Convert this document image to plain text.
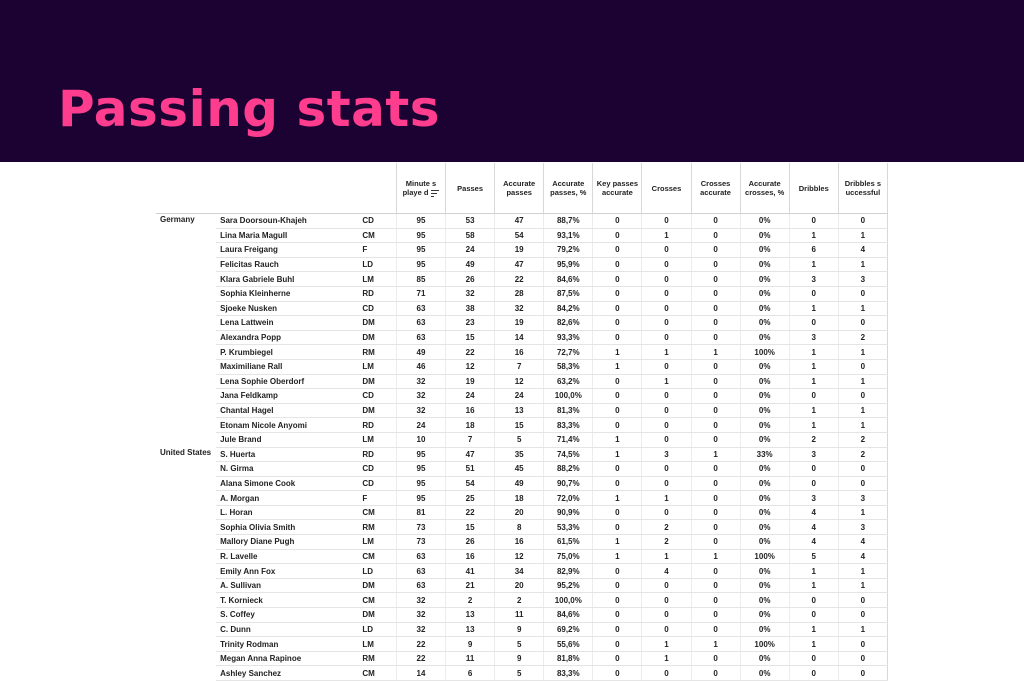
Passing stats
			Minute s playe d	Passes	Accurate passes	Accurate passes, %	Key passes accurate	Crosses	Crosses accurate	Accurate crosses, %	Dribbles	Dribbles s uccessful
Germany	Sara Doorsoun-Khajeh	CD	95	53	47	88,7%	0	0	0	0%	0	0
	Lina Maria Magull	CM	95	58	54	93,1%	0	1	0	0%	1	1
	Laura Freigang	F	95	24	19	79,2%	0	0	0	0%	6	4
	Felicitas Rauch	LD	95	49	47	95,9%	0	0	0	0%	1	1
	Klara Gabriele Buhl	LM	85	26	22	84,6%	0	0	0	0%	3	3
	Sophia Kleinherne	RD	71	32	28	87,5%	0	0	0	0%	0	0
	Sjoeke Nusken	CD	63	38	32	84,2%	0	0	0	0%	1	1
	Lena Lattwein	DM	63	23	19	82,6%	0	0	0	0%	0	0
	Alexandra Popp	DM	63	15	14	93,3%	0	0	0	0%	3	2
	P. Krumbiegel	RM	49	22	16	72,7%	1	1	1	100%	1	1
	Maximiliane Rall	LM	46	12	7	58,3%	1	0	0	0%	1	0
	Lena Sophie Oberdorf	DM	32	19	12	63,2%	0	1	0	0%	1	1
	Jana Feldkamp	CD	32	24	24	100,0%	0	0	0	0%	0	0
	Chantal Hagel	DM	32	16	13	81,3%	0	0	0	0%	1	1
	Etonam Nicole Anyomi	RD	24	18	15	83,3%	0	0	0	0%	1	1
	Jule Brand	LM	10	7	5	71,4%	1	0	0	0%	2	2
United States	S. Huerta	RD	95	47	35	74,5%	1	3	1	33%	3	2
	N. Girma	CD	95	51	45	88,2%	0	0	0	0%	0	0
	Alana Simone Cook	CD	95	54	49	90,7%	0	0	0	0%	0	0
	A. Morgan	F	95	25	18	72,0%	1	1	0	0%	3	3
	L. Horan	CM	81	22	20	90,9%	0	0	0	0%	4	1
	Sophia Olivia Smith	RM	73	15	8	53,3%	0	2	0	0%	4	3
	Mallory Diane Pugh	LM	73	26	16	61,5%	1	2	0	0%	4	4
	R. Lavelle	CM	63	16	12	75,0%	1	1	1	100%	5	4
	Emily Ann Fox	LD	63	41	34	82,9%	0	4	0	0%	1	1
	A. Sullivan	DM	63	21	20	95,2%	0	0	0	0%	1	1
	T. Kornieck	CM	32	2	2	100,0%	0	0	0	0%	0	0
	S. Coffey	DM	32	13	11	84,6%	0	0	0	0%	0	0
	C. Dunn	LD	32	13	9	69,2%	0	0	0	0%	1	1
	Trinity Rodman	LM	22	9	5	55,6%	0	1	1	100%	1	0
	Megan Anna Rapinoe	RM	22	11	9	81,8%	0	1	0	0%	0	0
	Ashley Sanchez	CM	14	6	5	83,3%	0	0	0	0%	0	0
